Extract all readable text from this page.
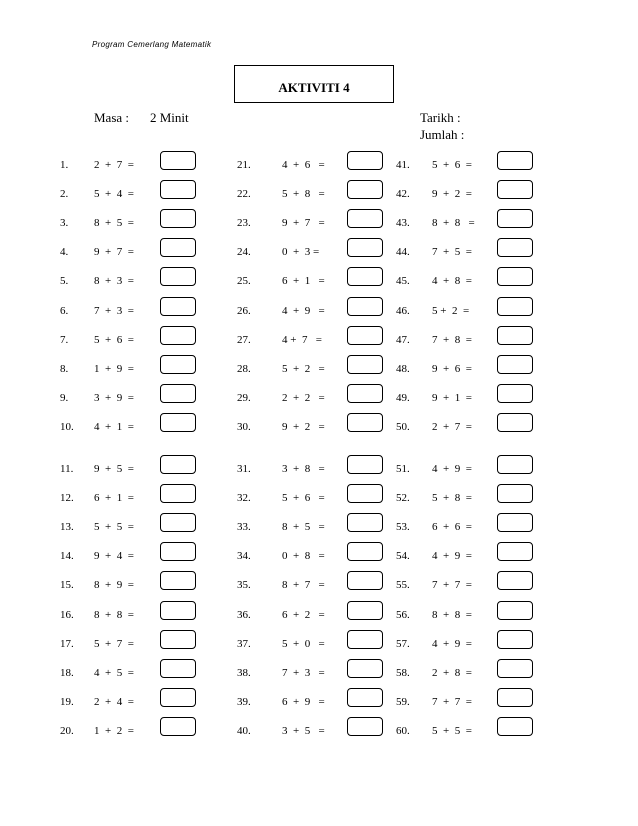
Program Cemerlang Matematik
AKTIVITI 4
Masa : 2 Minit	Tarikh :
Jumlah :
1.	2  +  7  =
2.	5  +  4  =
3.	8  +  5  =
4.	9  +  7  =
5.	8  +  3  =
6.	7  +  3  =
7.	5  +  6  =
8.	1  +  9  =
9.	3  +  9  =
10.	4  +  1  =
11.	9  +  5  =
12.	6  +  1  =
13.	5  +  5  =
14.	9  +  4  =
15.	8  +  9  =
16.	8  +  8  =
17.	5  +  7  =
18.	4  +  5  =
19.	2  +  4  =
20.	1  +  2  =
21.	4  +  6   =
22.	5  +  8   =
23.	9  +  7   =
24.	0  +  3 =
25.	6  +  1   =
26.	4  +  9   =
27.	4 +  7   =
28.	5  +  2   =
29.	2  +  2   =
30.	9  +  2   =
31.	3  +  8   =
32.	5  +  6   =
33.	8  +  5   =
34.	0  +  8   =
35.	8  +  7   =
36.	6  +  2   =
37.	5  +  0   =
38.	7  +  3   =
39.	6  +  9   =
40.	3  +  5   =
41.	5  +  6  =
42.	9  +  2  =
43.	8  +  8   =
44.	7  +  5  =
45.	4  +  8  =
46.	5 +  2  =
47.	7  +  8  =
48.	9  +  6  =
49.	9  +  1  =
50.	2  +  7  =
51.	4  +  9  =
52.	5  +  8  =
53.	6  +  6  =
54.	4  +  9  =
55.	7  +  7  =
56.	8  +  8  =
57.	4  +  9  =
58.	2  +  8  =
59.	7  +  7  =
60.	5  +  5  =
